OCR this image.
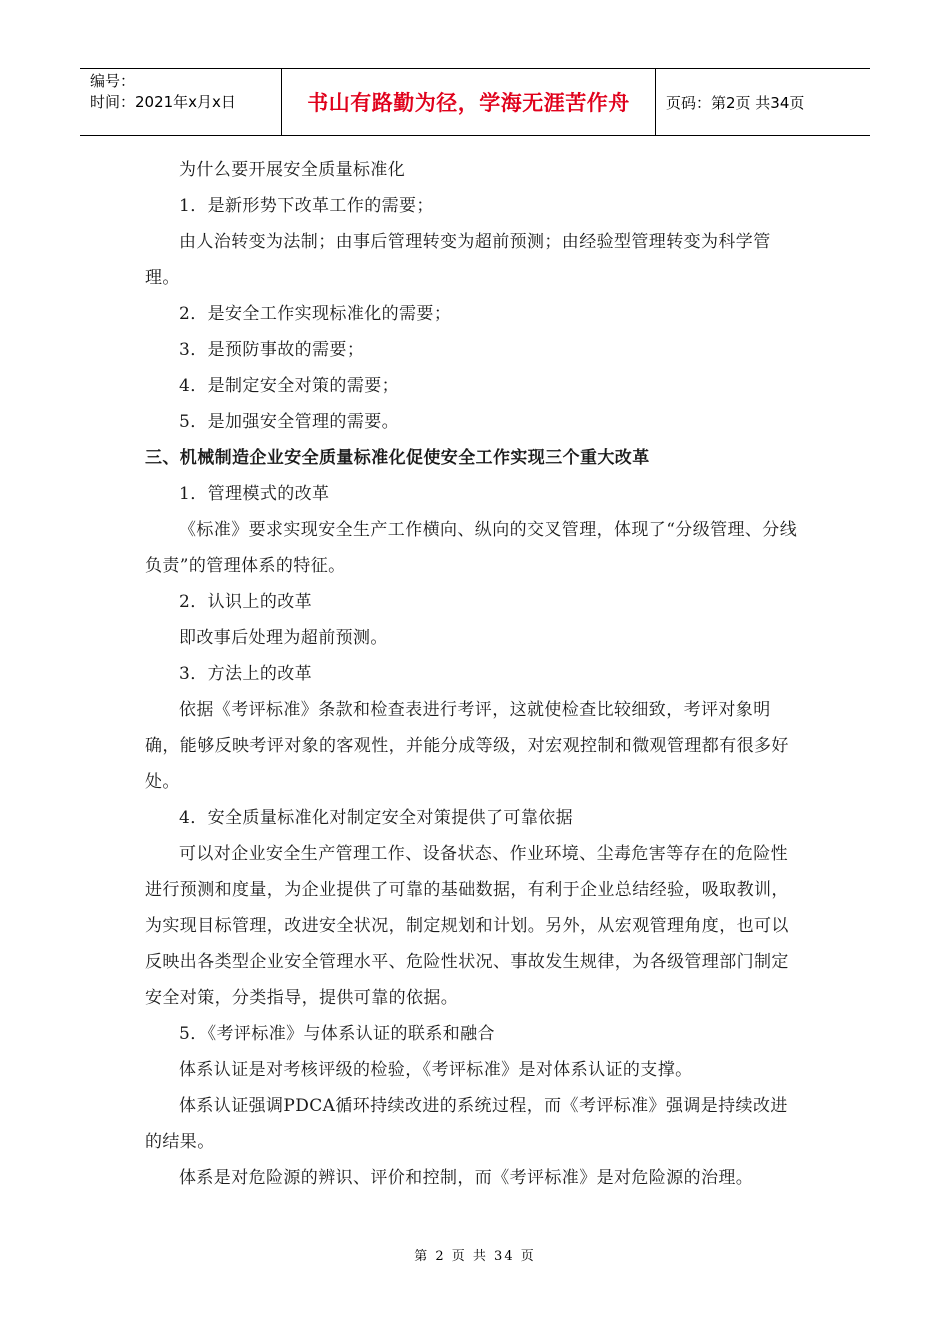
编号：
时间：2021年x月x日	书山有路勤为径，学海无涯苦作舟	页码：第2页 共34页

为什么要开展安全质量标准化

1．是新形势下改革工作的需要；

由人治转变为法制；由事后管理转变为超前预测；由经验型管理转变为科学管理。

2．是安全工作实现标准化的需要；

3．是预防事故的需要；

4．是制定安全对策的需要；

5．是加强安全管理的需要。

三、机械制造企业安全质量标准化促使安全工作实现三个重大改革

1．管理模式的改革

《标准》要求实现安全生产工作横向、纵向的交叉管理，体现了“分级管理、分线负责”的管理体系的特征。

2．认识上的改革

即改事后处理为超前预测。

3．方法上的改革

依据《考评标准》条款和检查表进行考评，这就使检查比较细致，考评对象明确，能够反映考评对象的客观性，并能分成等级，对宏观控制和微观管理都有很多好处。

4．安全质量标准化对制定安全对策提供了可靠依据

可以对企业安全生产管理工作、设备状态、作业环境、尘毒危害等存在的危险性进行预测和度量，为企业提供了可靠的基础数据，有利于企业总结经验，吸取教训，为实现目标管理，改进安全状况，制定规划和计划。另外，从宏观管理角度，也可以反映出各类型企业安全管理水平、危险性状况、事故发生规律，为各级管理部门制定安全对策，分类指导，提供可靠的依据。

5．《考评标准》与体系认证的联系和融合

体系认证是对考核评级的检验，《考评标准》是对体系认证的支撑。

体系认证强调PDCA循环持续改进的系统过程，而《考评标准》强调是持续改进的结果。

体系是对危险源的辨识、评价和控制，而《考评标准》是对危险源的治理。

第 2 页 共 34 页
